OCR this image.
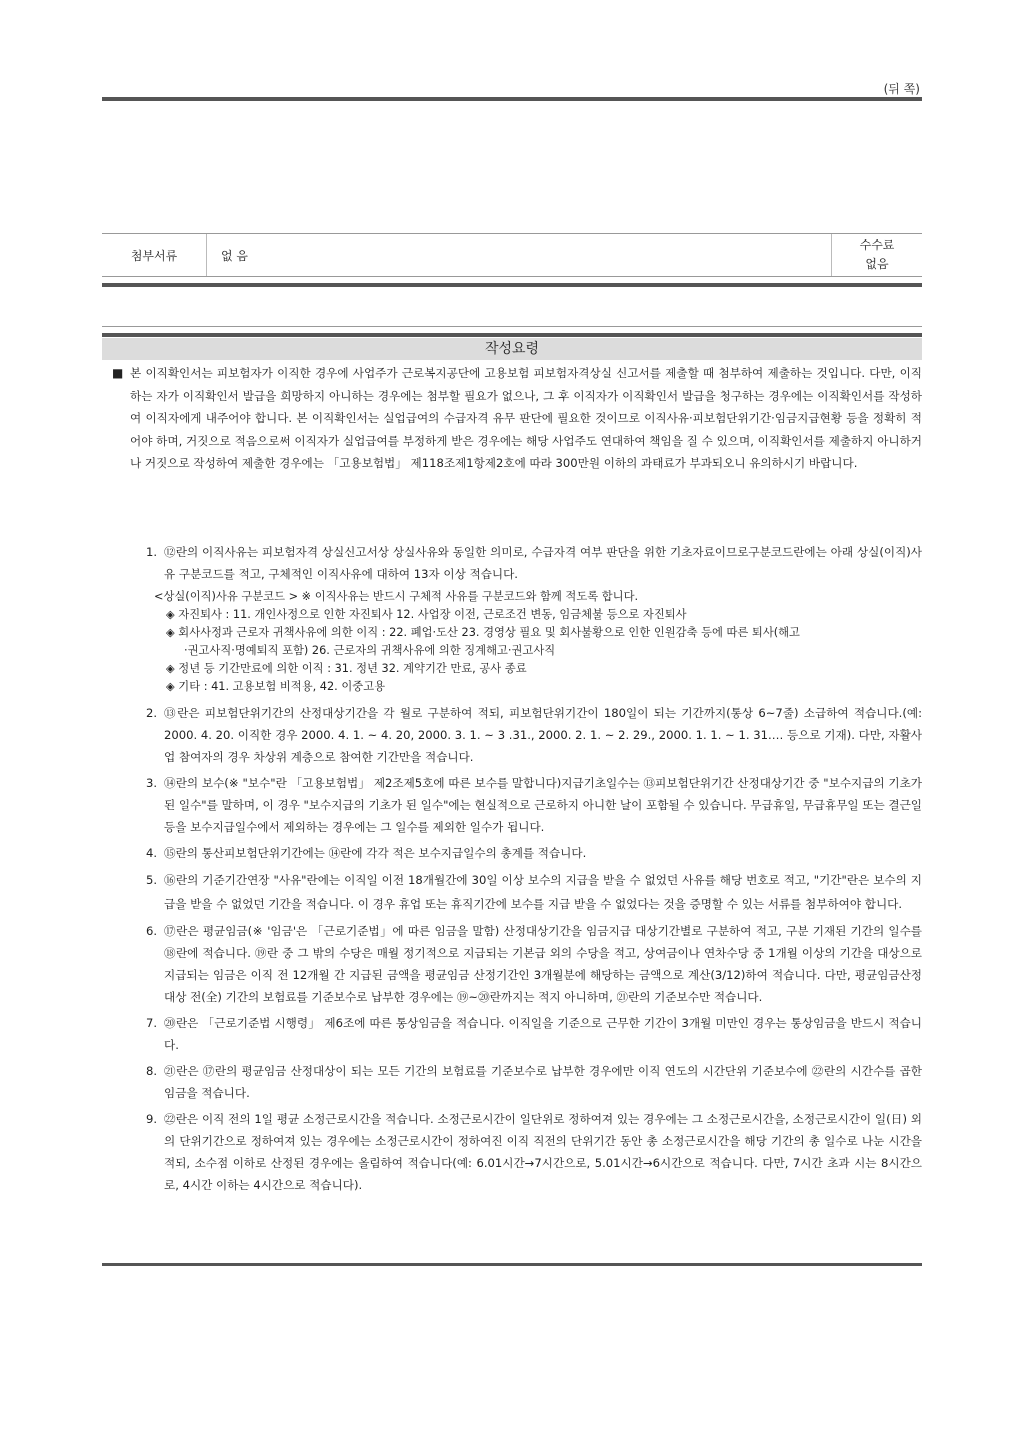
(뒤 쪽)
첨부서류	없 음
수수료
없음
작성요령
■ 본 이직확인서는 피보험자가 이직한 경우에 사업주가 근로복지공단에 고용보험 피보험자격상실 신고서를 제출할 때 첨부하여 제출하는 것입니다. 다만, 이직하는 자가 이직확인서 발급을 희망하지 아니하는 경우에는 첨부할 필요가 없으나, 그 후 이직자가 이직확인서 발급을 청구하는 경우에는 이직확인서를 작성하여 이직자에게 내주어야 합니다. 본 이직확인서는 실업급여의 수급자격 유무 판단에 필요한 것이므로 이직사유·피보험단위기간·임금지급현황 등을 정확히 적어야 하며, 거짓으로 적음으로써 이직자가 실업급여를 부정하게 받은 경우에는 해당 사업주도 연대하여 책임을 질 수 있으며, 이직확인서를 제출하지 아니하거나 거짓으로 작성하여 제출한 경우에는 「고용보험법」 제118조제1항제2호에 따라 300만원 이하의 과태료가 부과되오니 유의하시기 바랍니다.
1. ⑫란의 이직사유는 피보험자격 상실신고서상 상실사유와 동일한 의미로, 수급자격 여부 판단을 위한 기초자료이므로구분코드란에는 아래 상실(이직)사유 구분코드를 적고, 구체적인 이직사유에 대하여 13자 이상 적습니다.
<상실(이직)사유 구분코드 > ※ 이직사유는 반드시 구체적 사유를 구분코드와 함께 적도록 합니다.
◈ 자진퇴사 : 11. 개인사정으로 인한 자진퇴사 12. 사업장 이전, 근로조건 변동, 임금체불 등으로 자진퇴사
◈ 회사사정과 근로자 귀책사유에 의한 이직 : 22. 폐업·도산 23. 경영상 필요 및 회사불황으로 인한 인원감축 등에 따른 퇴사(해고
·권고사직·명예퇴직 포함) 26. 근로자의 귀책사유에 의한 징계해고·권고사직
◈ 정년 등 기간만료에 의한 이직 : 31. 정년 32. 계약기간 만료, 공사 종료
◈ 기타 : 41. 고용보험 비적용, 42. 이중고용
2. ⑬란은 피보험단위기간의 산정대상기간을 각 월로 구분하여 적되, 피보험단위기간이 180일이 되는 기간까지(통상 6~7줄) 소급하여 적습니다.(예: 2000. 4. 20. 이직한 경우 2000. 4. 1. ~ 4. 20, 2000. 3. 1. ~ 3 .31., 2000. 2. 1. ~ 2. 29., 2000. 1. 1. ~ 1. 31.… 등으로 기재). 다만, 자활사업 참여자의 경우 차상위 계층으로 참여한 기간만을 적습니다.
3. ⑭란의 보수(※ "보수"란 「고용보험법」 제2조제5호에 따른 보수를 말합니다)지급기초일수는 ⑬피보험단위기간 산정대상기간 중 "보수지급의 기초가 된 일수"를 말하며, 이 경우 "보수지급의 기초가 된 일수"에는 현실적으로 근로하지 아니한 날이 포함될 수 있습니다. 무급휴일, 무급휴무일 또는 결근일 등을 보수지급일수에서 제외하는 경우에는 그 일수를 제외한 일수가 됩니다.
4. ⑮란의 통산피보험단위기간에는 ⑭란에 각각 적은 보수지급일수의 총계를 적습니다.
5. ⑯란의 기준기간연장 "사유"란에는 이직일 이전 18개월간에 30일 이상 보수의 지급을 받을 수 없었던 사유를 해당 번호로 적고, "기간"란은 보수의 지급을 받을 수 없었던 기간을 적습니다. 이 경우 휴업 또는 휴직기간에 보수를 지급 받을 수 없었다는 것을 증명할 수 있는 서류를 첨부하여야 합니다.
6. ⑰란은 평균임금(※ '임금'은 「근로기준법」에 따른 임금을 말함) 산정대상기간을 임금지급 대상기간별로 구분하여 적고, 구분 기재된 기간의 일수를 ⑱란에 적습니다. ⑲란 중 그 밖의 수당은 매월 정기적으로 지급되는 기본급 외의 수당을 적고, 상여금이나 연차수당 중 1개월 이상의 기간을 대상으로 지급되는 임금은 이직 전 12개월 간 지급된 금액을 평균임금 산정기간인 3개월분에 해당하는 금액으로 계산(3/12)하여 적습니다. 다만, 평균임금산정대상 전(全) 기간의 보험료를 기준보수로 납부한 경우에는 ⑲~⑳란까지는 적지 아니하며, ㉑란의 기준보수만 적습니다.
7. ⑳란은 「근로기준법 시행령」 제6조에 따른 통상임금을 적습니다. 이직일을 기준으로 근무한 기간이 3개월 미만인 경우는 통상임금을 반드시 적습니다.
8. ㉑란은 ⑰란의 평균임금 산정대상이 되는 모든 기간의 보험료를 기준보수로 납부한 경우에만 이직 연도의 시간단위 기준보수에 ㉒란의 시간수를 곱한 임금을 적습니다.
9. ㉒란은 이직 전의 1일 평균 소정근로시간을 적습니다. 소정근로시간이 일단위로 정하여져 있는 경우에는 그 소정근로시간을, 소정근로시간이 일(日) 외의 단위기간으로 정하여져 있는 경우에는 소정근로시간이 정하여진 이직 직전의 단위기간 동안 총 소정근로시간을 해당 기간의 총 일수로 나눈 시간을 적되, 소수점 이하로 산정된 경우에는 올림하여 적습니다(예: 6.01시간→7시간으로, 5.01시간→6시간으로 적습니다. 다만, 7시간 초과 시는 8시간으로, 4시간 이하는 4시간으로 적습니다).
